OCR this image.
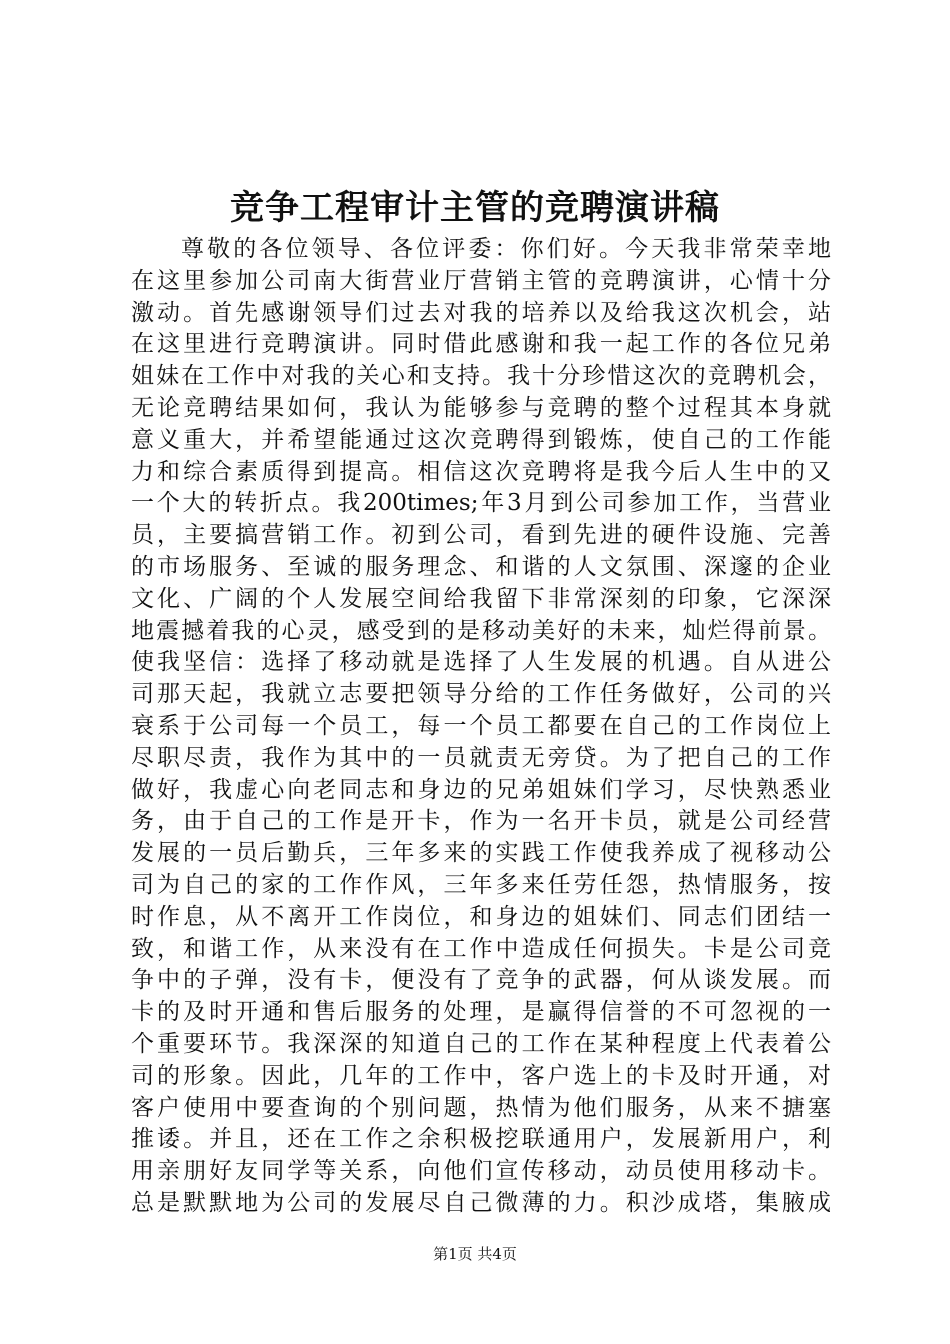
竞争工程审计主管的竞聘演讲稿
尊敬的各位领导、各位评委：你们好。今天我非常荣幸地
在这里参加公司南大街营业厅营销主管的竞聘演讲，心情十分
激动。首先感谢领导们过去对我的培养以及给我这次机会，站
在这里进行竞聘演讲。同时借此感谢和我一起工作的各位兄弟
姐妹在工作中对我的关心和支持。我十分珍惜这次的竞聘机会，
无论竞聘结果如何，我认为能够参与竞聘的整个过程其本身就
意义重大，并希望能通过这次竞聘得到锻炼，使自己的工作能
力和综合素质得到提高。相信这次竞聘将是我今后人生中的又
一个大的转折点。我200times;年3月到公司参加工作，当营业
员，主要搞营销工作。初到公司，看到先进的硬件设施、完善
的市场服务、至诚的服务理念、和谐的人文氛围、深邃的企业
文化、广阔的个人发展空间给我留下非常深刻的印象，它深深
地震撼着我的心灵，感受到的是移动美好的未来，灿烂得前景。
使我坚信：选择了移动就是选择了人生发展的机遇。自从进公
司那天起，我就立志要把领导分给的工作任务做好，公司的兴
衰系于公司每一个员工，每一个员工都要在自己的工作岗位上
尽职尽责，我作为其中的一员就责无旁贷。为了把自己的工作
做好，我虚心向老同志和身边的兄弟姐妹们学习，尽快熟悉业
务，由于自己的工作是开卡，作为一名开卡员，就是公司经营
发展的一员后勤兵，三年多来的实践工作使我养成了视移动公
司为自己的家的工作作风，三年多来任劳任怨，热情服务，按
时作息，从不离开工作岗位，和身边的姐妹们、同志们团结一
致，和谐工作，从来没有在工作中造成任何损失。卡是公司竞
争中的子弹，没有卡，便没有了竞争的武器，何从谈发展。而
卡的及时开通和售后服务的处理，是赢得信誉的不可忽视的一
个重要环节。我深深的知道自己的工作在某种程度上代表着公
司的形象。因此，几年的工作中，客户选上的卡及时开通，对
客户使用中要查询的个别问题，热情为他们服务，从来不搪塞
推诿。并且，还在工作之余积极挖联通用户，发展新用户，利
用亲朋好友同学等关系，向他们宣传移动，动员使用移动卡。
总是默默地为公司的发展尽自己微薄的力。积沙成塔，集腋成
第1页 共4页
